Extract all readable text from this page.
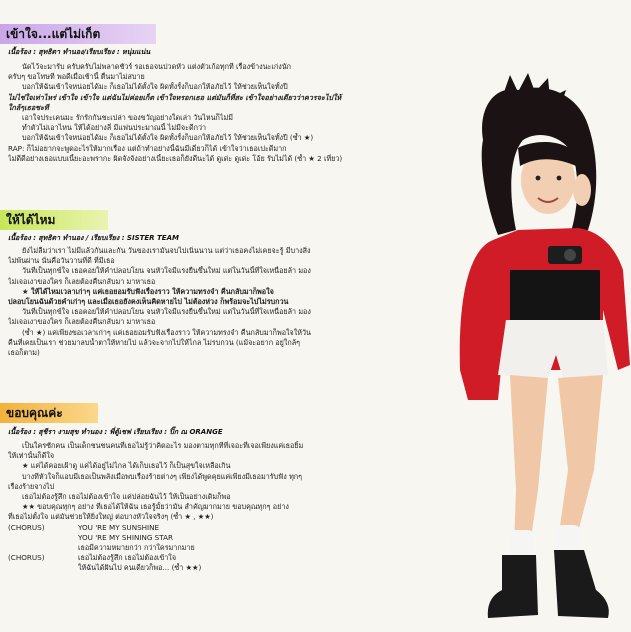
เข้าใจ...แต่ไม่เก็ต
เนื้อร้อง : สุทธิดา ทำนอง/เรียบเรียง : หนุ่มแน่น

นัดไว้จะมารับ ครับครับไม่พลาดชัวร์ รอเธอจนปวดหัว แต่งตัวเก้อทุกที เรื่องข้างนะเก่งนัก

ครับๆ ขอโทษที พอดีเมื่อเช้านี้ ตื่นมาไม่สบาย

บอกให้ฉันเข้าใจหน่อยได้มะ ก็เธอไม่ได้ตั้งใจ ผิดทั้งรั้งก็บอกให้อภัยไว้ ให้ช่วยเห็นใจทั้งปี

ไม่ไช่ใจเท่าไหร่ เข้าใจ เข้าใจ แต่ฉันไม่ค่อยเก็ต เข้าใจหรอกเธอ แต่มันก็ที่สะ เข้าใจอย่างเดียวว่าควรจะไปให้

ใกล้ๆเธอชะที

เอาใจประเคนมะ รักรักกันชะเปล่า ของขวัญอย่างใดเล่า วันไหนก็ไม่มี

ทำตัวไม่เอาไหน ให้ได้อย่างลี่ มีแฟนประมาณนี้ ไม่มีจะดีกว่า

บอกให้ฉันเข้าใจหน่อยได้มะ ก็เธอไม่ได้ตั้งใจ ผิดทั้งรั้งก็บอกให้อภัยไว้ ให้ช่วยเห็นใจทั้งปี (ซ้ำ ★)

RAP: ก็ไม่อยากจะพูดอะไรให้มากเรื่อง แต่ถ้าทำอย่างนี้ฉันมีเดี๋ยวก็ได้ เข้าใจว่าเธอเปะดีมาก

ไม่ดีดีอย่างเธอแบบเนี้ยะอะพรากะ ผิดจังจังอย่างเนี้ยะเธอก็ยังดีนะได้ ดูเด่ะ ดูเด่ะ โอ้ย รับไม่ได้ (ซ้ำ ★ 2 เที่ยว)

ให้ได้ไหม
เนื้อร้อง : สุทธิดา ทำนอง / เรียบเรียง : SISTER TEAM

ยังไม่ลืมว่าเรา ไม่มีแล้วกันและกัน วันของเรามันจบไปเนิ่นนาน แต่ว่าเธอคงไม่เคยจะรู้ มีบางสิ่ง

ไม่พ้นผ่าน นั่นคือวันวานที่ดี ที่มีเธอ

วันที่เป็นทุกข์ใจ เธอคอยให้คำปลอบโยน จนหัวใจมีแรงยืนขึ้นใหม่ แต่ในวันนี้ที่ใจเหนื่อยล้า มอง

ไม่เจอเงาของใคร ก็เลยต้องคืนกลับมา มาหาเธอ

★ ให้ได้ไหมเวลาเก่าๆ แค่เธอยอมรับฟังเรื่องราว ให้ความทรงจำ คืนกลับมาก็พอใจ

ปลอบโยนฉันด้วยคำเก่าๆ และเมื่อเธอยังคงเห็นคิดหายไป ไม่ต้องห่วง ก็พร้อมจะไปไม่รบกวน

วันที่เป็นทุกข์ใจ เธอคอยให้คำปลอบโยน จนหัวใจมีแรงยืนขึ้นใหม่ แต่ในวันนี้ที่ใจเหนื่อยล้า มอง

ไม่เจอเงาของใคร ก็เลยต้องคืนกลับมา มาหาเธอ

(ซ้ำ ★) แค่เพียงขอเวลาเก่าๆ แค่เธอยอมรับฟังเรื่องราว ให้ความทรงจำ คืนกลับมาก็พอใจให้วัน

คืนที่เคยเป็นเรา ช่วยมาลบน้ำตาให้หายไป แล้วจะจากไปให้ไกล ไม่รบกวน (แม้จะอยาก อยู่ใกล้ๆ

เธอก็ตาม)

ขอบคุณค่ะ
เนื้อร้อง : สุชีรา งามสุข ทำนอง : พี่ตู้เชฟ เรียบเรียง : ปิ๊ก ณ ORANGE

เป็นใครซักคน เป็นเด็กชนชนคนที่เธอไม่รู้ว่าคิดอะไร มองตามทุกทีที่เจอะที่เจอเพียงแค่เธอยิ้ม

ให้เท่านั้นก็ดีใจ

★ แค่ได้คอยเฝ้าดู แค่ได้อยู่ไม่ไกล ได้เก็บเธอไว้ ก็เป็นสุขใจเหลือเกิน

บางทีหัวใจก็แอบมีเธอเป็นพลังเมื่อพบเรื่องร้ายต่างๆ เพียงได้พูดคุยแค่เพียงมีเธอมารับฟัง ทุกๆ

เรื่องร้ายจางไป

เธอไม่ต้องรู้สึก เธอไม่ต้องเข้าใจ แค่ปล่อยฉันไว้ ให้เป็นอย่างเดิมก็พอ

★★ ขอบคุณทุกๆ อย่าง ที่เธอได้ให้ฉัน เธอรู้มั้ยว่ามัน สำคัญมากมาย ขอบคุณทุกๆ อย่าง

ที่เธอไม่ตั้งใจ แต่มันช่วยให้ยิ่งใหญ่ ต่อบางหัวใจจริงๆ (ซ้ำ ★ , ★★)

(CHORUS)	YOU 'RE MY SUNSHINE

YOU 'RE MY SHINING STAR

เธอมีความหมายกว่า กว่าใครมากมาย

(CHORUS)	เธอไม่ต้องรู้สึก เธอไม่ต้องเข้าใจ

ให้ฉันได้ฝันไป คนเดียวก็พอ... (ซ้ำ ★★)
